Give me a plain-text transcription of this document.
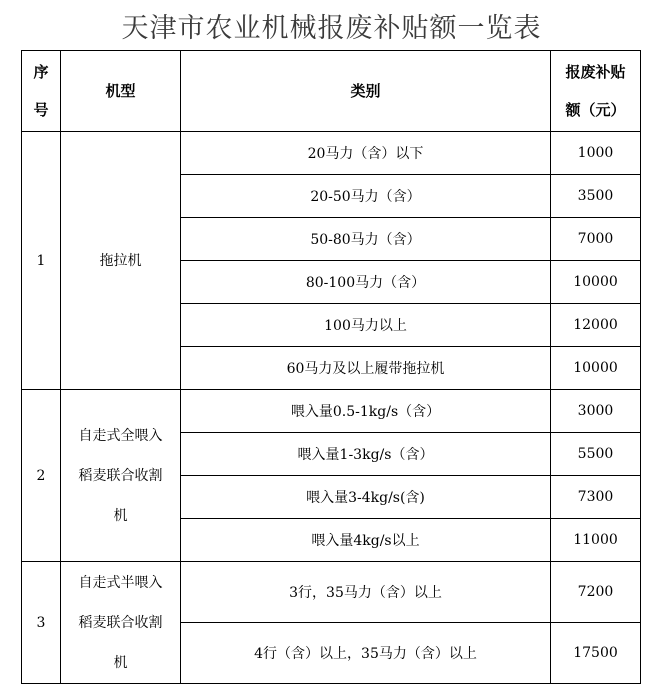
天津市农业机械报废补贴额一览表
序
号	机型	类别	报废补贴
额（元）

1	拖拉机	20马力（含）以下	1000
		20-50马力（含）	3500
		50-80马力（含）	7000
		80-100马力（含）	10000
		100马力以上	12000
		60马力及以上履带拖拉机	10000
2	自走式全喂入
稻麦联合收割
机	喂入量0.5-1kg/s（含）	3000
		喂入量1-3kg/s（含）	5500
		喂入量3-4kg/s(含)	7300
		喂入量4kg/s以上	11000
3	自走式半喂入
稻麦联合收割
机	3行，35马力（含）以上	7200
		4行（含）以上，35马力（含）以上	17500
